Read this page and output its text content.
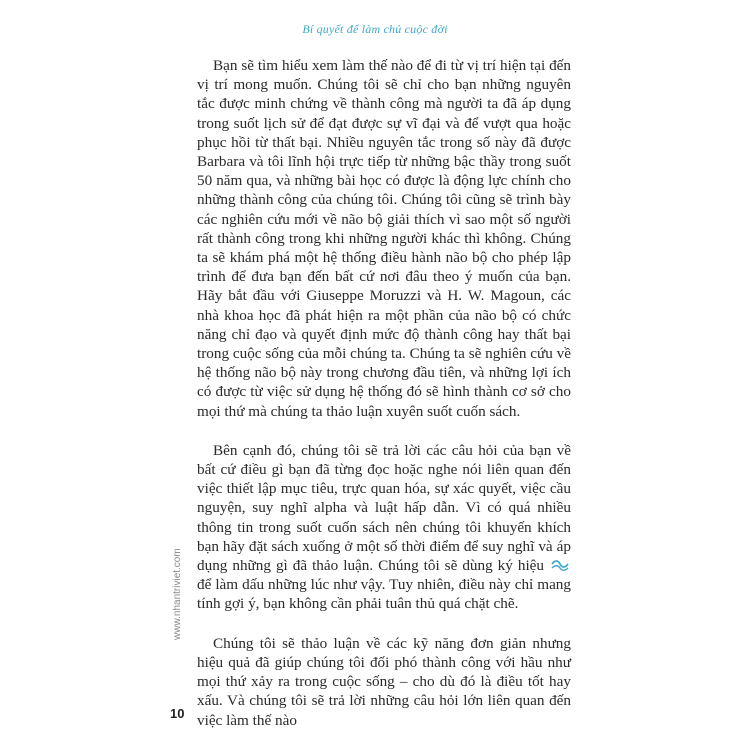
Bí quyết để làm chủ cuộc đời

Bạn sẽ tìm hiểu xem làm thế nào để đi từ vị trí hiện tại đến vị trí mong muốn. Chúng tôi sẽ chỉ cho bạn những nguyên tắc được minh chứng về thành công mà người ta đã áp dụng trong suốt lịch sử để đạt được sự vĩ đại và để vượt qua hoặc phục hồi từ thất bại. Nhiều nguyên tắc trong số này đã được Barbara và tôi lĩnh hội trực tiếp từ những bậc thầy trong suốt 50 năm qua, và những bài học có được là động lực chính cho những thành công của chúng tôi. Chúng tôi cũng sẽ trình bày các nghiên cứu mới về não bộ giải thích vì sao một số người rất thành công trong khi những người khác thì không. Chúng ta sẽ khám phá một hệ thống điều hành não bộ cho phép lập trình để đưa bạn đến bất cứ nơi đâu theo ý muốn của bạn. Hãy bắt đầu với Giuseppe Moruzzi và H. W. Magoun, các nhà khoa học đã phát hiện ra một phần của não bộ có chức năng chỉ đạo và quyết định mức độ thành công hay thất bại trong cuộc sống của mỗi chúng ta. Chúng ta sẽ nghiên cứu về hệ thống não bộ này trong chương đầu tiên, và những lợi ích có được từ việc sử dụng hệ thống đó sẽ hình thành cơ sở cho mọi thứ mà chúng ta thảo luận xuyên suốt cuốn sách.

Bên cạnh đó, chúng tôi sẽ trả lời các câu hỏi của bạn về bất cứ điều gì bạn đã từng đọc hoặc nghe nói liên quan đến việc thiết lập mục tiêu, trực quan hóa, sự xác quyết, việc cầu nguyện, suy nghĩ alpha và luật hấp dẫn. Vì có quá nhiều thông tin trong suốt cuốn sách nên chúng tôi khuyến khích bạn hãy đặt sách xuống ở một số thời điểm để suy nghĩ và áp dụng những gì đã thảo luận. Chúng tôi sẽ dùng ký hiệu  để làm dấu những lúc như vậy. Tuy nhiên, điều này chỉ mang tính gợi ý, bạn không cần phải tuân thủ quá chặt chẽ.

Chúng tôi sẽ thảo luận về các kỹ năng đơn giản nhưng hiệu quả đã giúp chúng tôi đối phó thành công với hầu như mọi thứ xảy ra trong cuộc sống – cho dù đó là điều tốt hay xấu. Và chúng tôi sẽ trả lời những câu hỏi lớn liên quan đến việc làm thế nào

www.nhantriviet.com
10
